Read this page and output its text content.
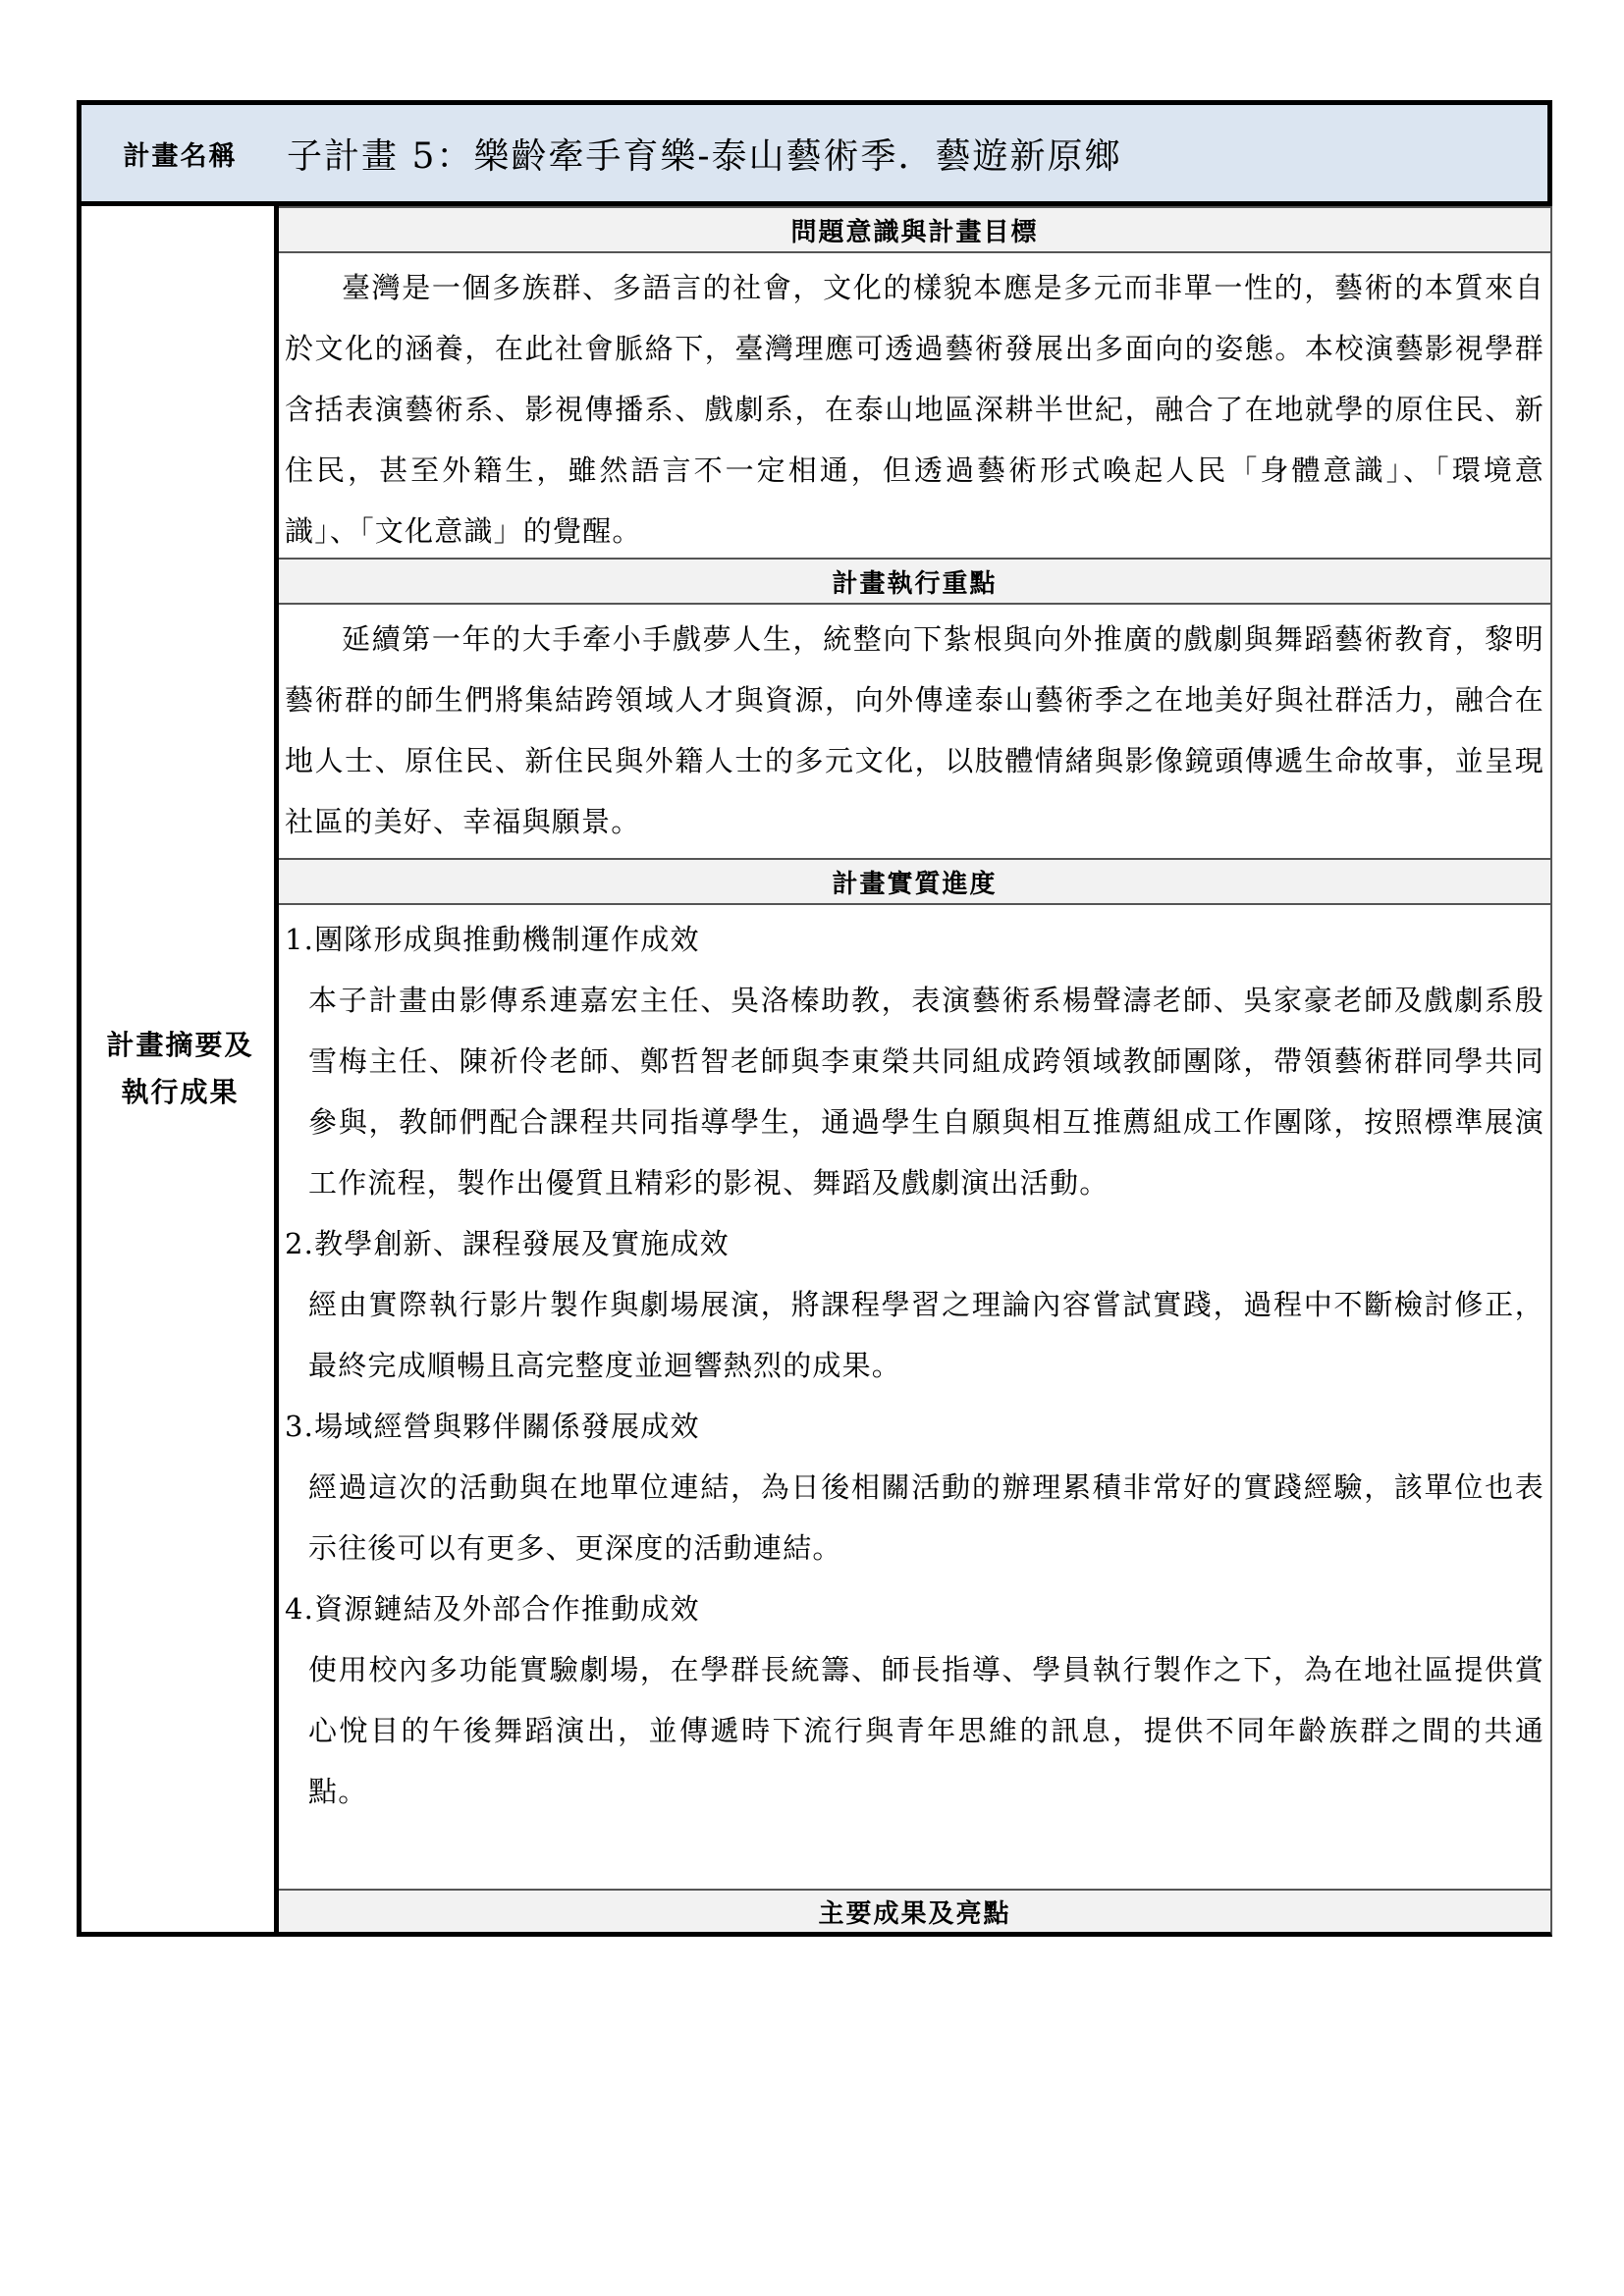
計畫名稱
計畫摘要及
執行成果
子計畫 5：樂齡牽手育樂-泰山藝術季．藝遊新原鄉
問題意識與計畫目標

臺灣是一個多族群、多語言的社會，文化的樣貌本應是多元而非單一性的，藝術的本質來自於文化的涵養，在此社會脈絡下，臺灣理應可透過藝術發展出多面向的姿態。本校演藝影視學群含括表演藝術系、影視傳播系、戲劇系，在泰山地區深耕半世紀，融合了在地就學的原住民、新住民，甚至外籍生，雖然語言不一定相通，但透過藝術形式喚起人民「身體意識」、「環境意識」、「文化意識」的覺醒。

計畫執行重點

延續第一年的大手牽小手戲夢人生，統整向下紮根與向外推廣的戲劇與舞蹈藝術教育，黎明藝術群的師生們將集結跨領域人才與資源，向外傳達泰山藝術季之在地美好與社群活力，融合在地人士、原住民、新住民與外籍人士的多元文化，以肢體情緒與影像鏡頭傳遞生命故事，並呈現社區的美好、幸福與願景。

計畫實質進度

1.團隊形成與推動機制運作成效

本子計畫由影傳系連嘉宏主任、吳洛榛助教，表演藝術系楊聲濤老師、吳家豪老師及戲劇系殷雪梅主任、陳祈伶老師、鄭哲智老師與李東榮共同組成跨領域教師團隊，帶領藝術群同學共同參與，教師們配合課程共同指導學生，通過學生自願與相互推薦組成工作團隊，按照標準展演工作流程，製作出優質且精彩的影視、舞蹈及戲劇演出活動。

2.教學創新、課程發展及實施成效

經由實際執行影片製作與劇場展演，將課程學習之理論內容嘗試實踐，過程中不斷檢討修正，最終完成順暢且高完整度並迴響熱烈的成果。

3.場域經營與夥伴關係發展成效

經過這次的活動與在地單位連結，為日後相關活動的辦理累積非常好的實踐經驗，該單位也表示往後可以有更多、更深度的活動連結。

4.資源鏈結及外部合作推動成效

使用校內多功能實驗劇場，在學群長統籌、師長指導、學員執行製作之下，為在地社區提供賞心悅目的午後舞蹈演出，並傳遞時下流行與青年思維的訊息，提供不同年齡族群之間的共通點。

主要成果及亮點
